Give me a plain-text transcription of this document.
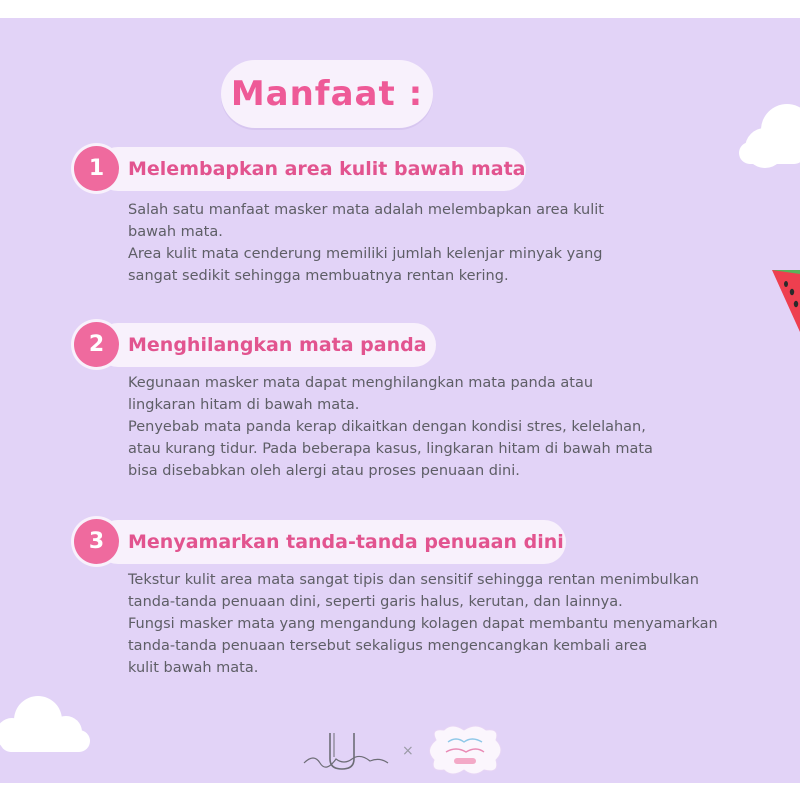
Manfaat :
Melembapkan area kulit bawah mata
1

Salah satu manfaat masker mata adalah melembapkan area kulit
bawah mata.
Area kulit mata cenderung memiliki jumlah kelenjar minyak yang
sangat sedikit sehingga membuatnya rentan kering.

Menghilangkan mata panda
2

Kegunaan masker mata dapat menghilangkan mata panda atau
lingkaran hitam di bawah mata.
Penyebab mata panda kerap dikaitkan dengan kondisi stres, kelelahan,
atau kurang tidur. Pada beberapa kasus, lingkaran hitam di bawah mata
bisa disebabkan oleh alergi atau proses penuaan dini.

Menyamarkan tanda-tanda penuaan dini
3

Tekstur kulit area mata sangat tipis dan sensitif sehingga rentan menimbulkan
tanda-tanda penuaan dini, seperti garis halus, kerutan, dan lainnya.
Fungsi masker mata yang mengandung kolagen dapat membantu menyamarkan
tanda-tanda penuaan tersebut sekaligus mengencangkan kembali area
kulit bawah mata.

×
